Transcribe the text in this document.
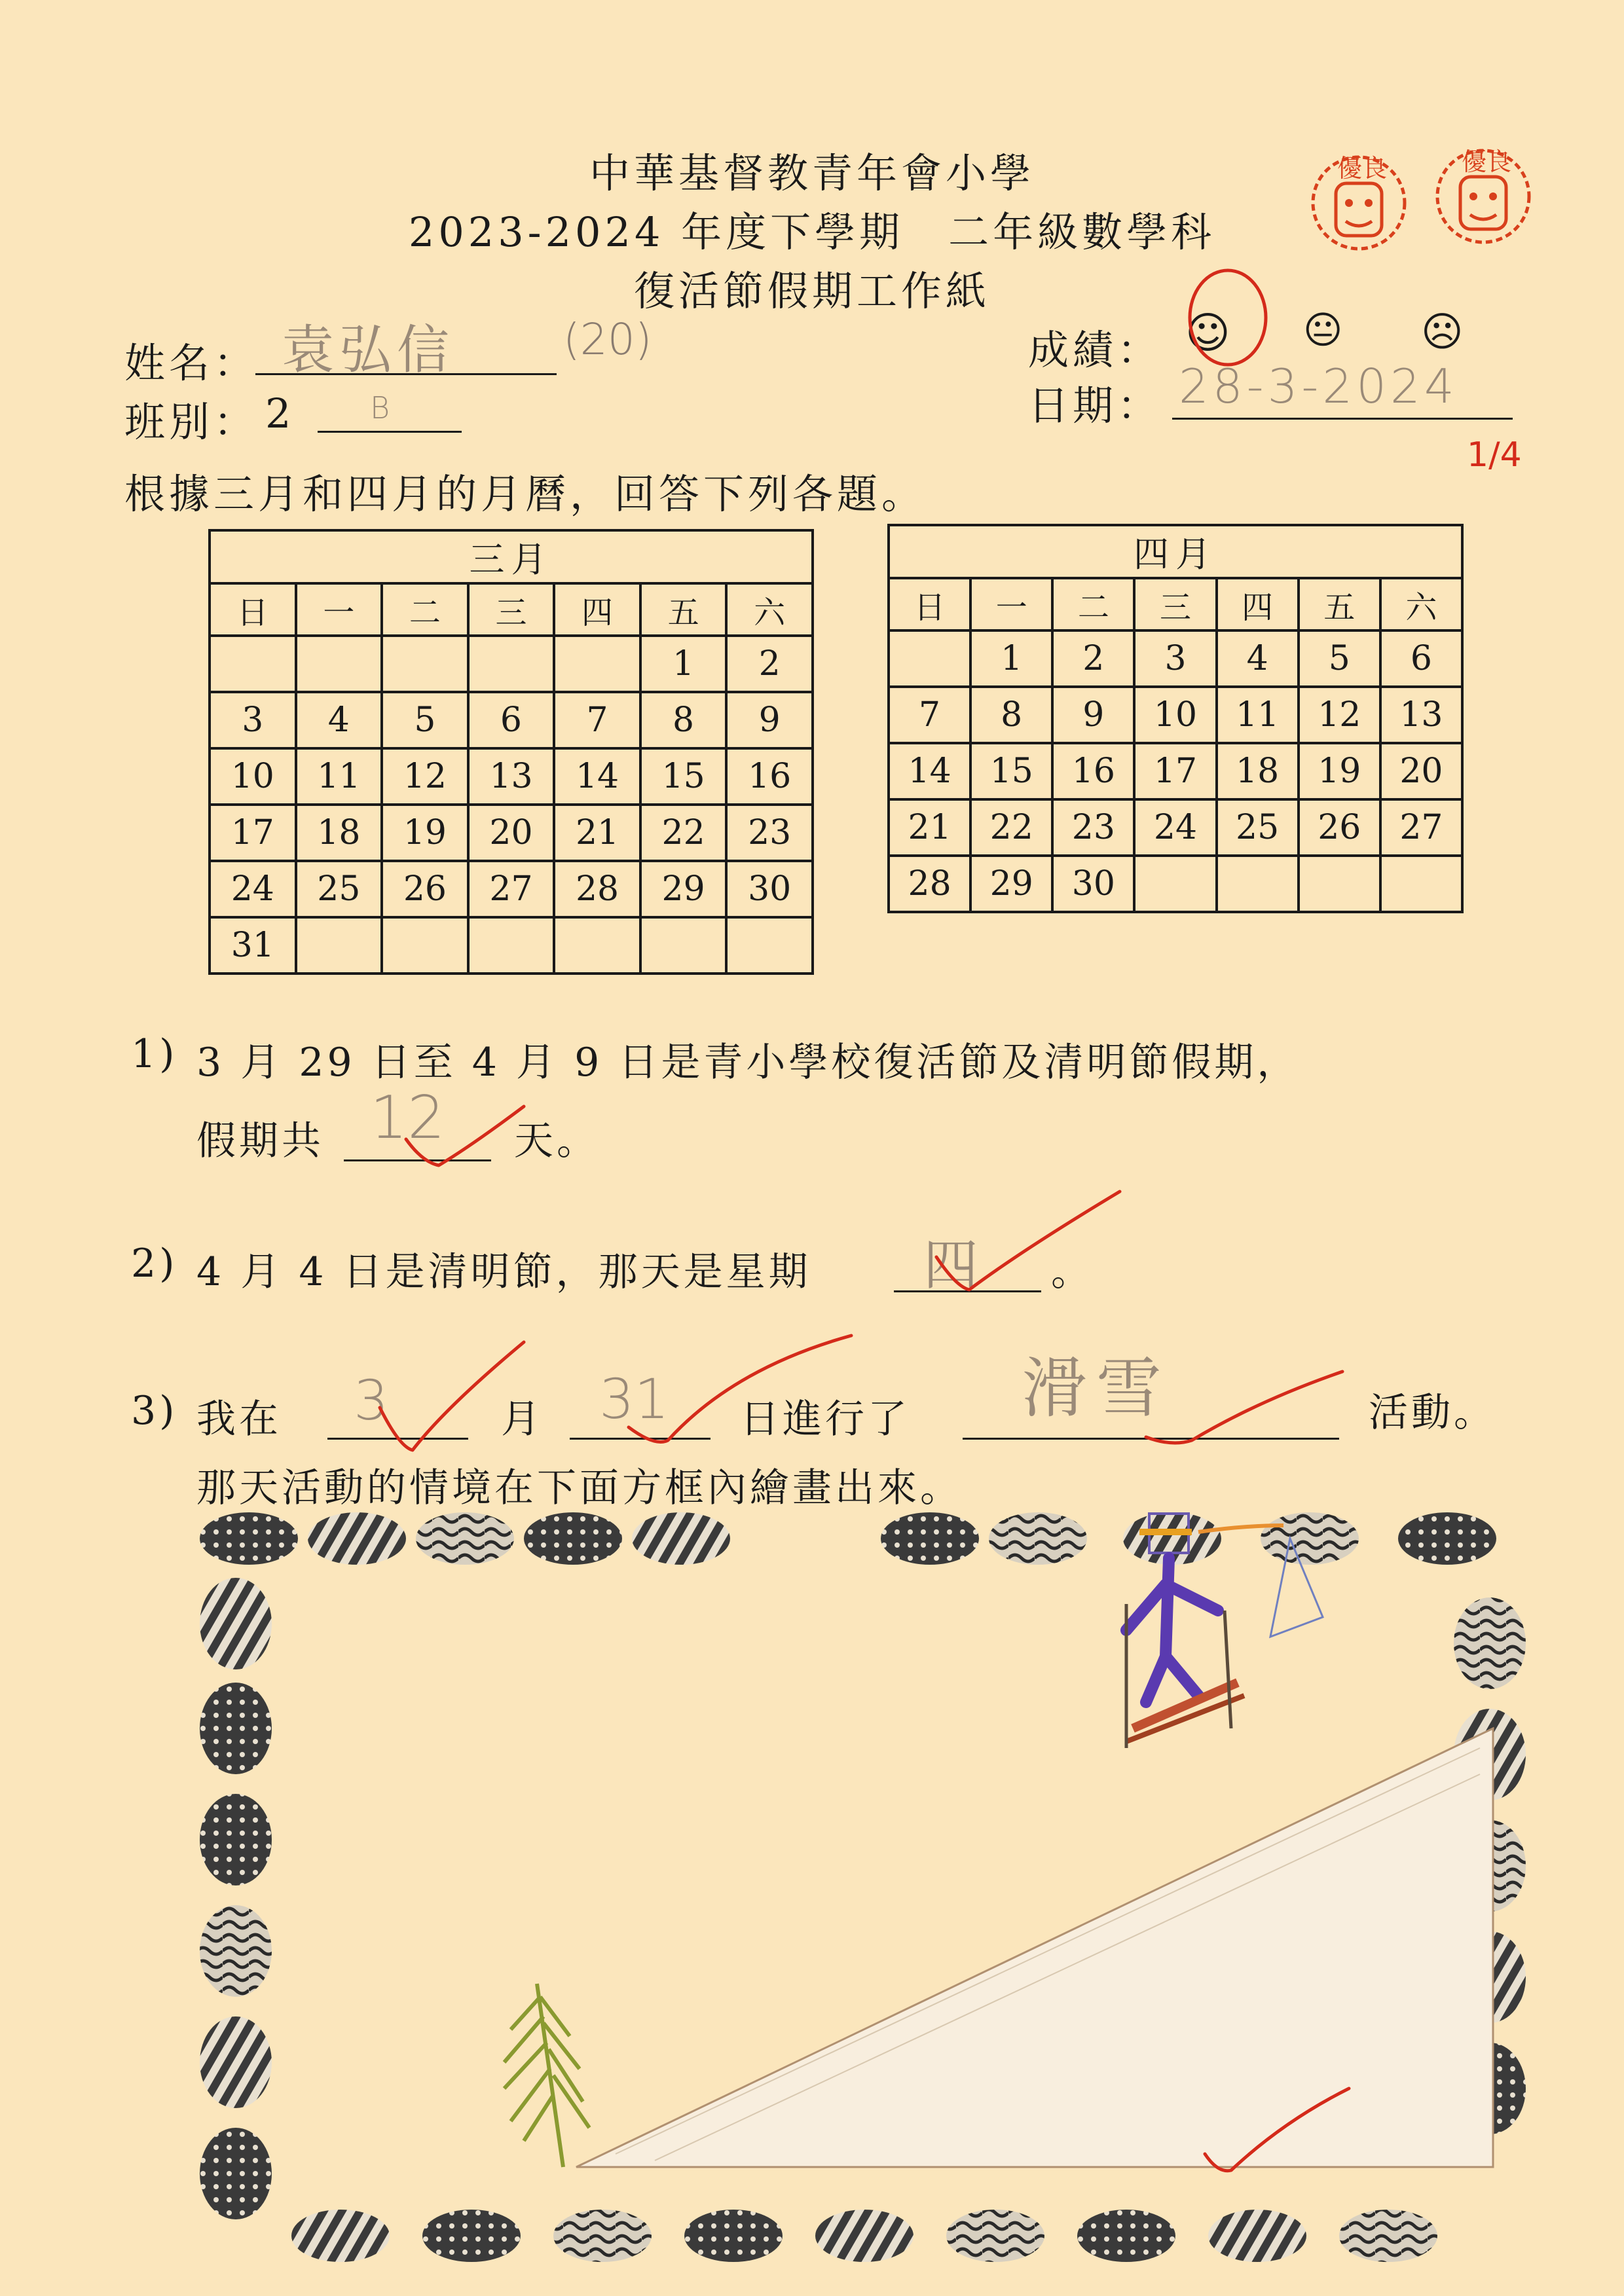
中華基督教青年會小學
2023-2024 年度下學期　二年級數學科
復活節假期工作紙
優良	優良
姓名： 袁弘信	(20)
班別： 2 B
成績： ☺ 😐 ☹
日期： 28-3-2024
1/4
根據三月和四月的月曆，回答下列各題。
三月						
日	一	二	三	四	五	六
					1	2
3	4	5	6	7	8	9
10	11	12	13	14	15	16
17	18	19	20	21	22	23
24	25	26	27	28	29	30
31						
四月						
日	一	二	三	四	五	六
	1	2	3	4	5	6
7	8	9	10	11	12	13
14	15	16	17	18	19	20
21	22	23	24	25	26	27
28	29	30				
1) 3 月 29 日至 4 月 9 日是青小學校復活節及清明節假期，
假期共 12 天。
2) 4 月 4 日是清明節，那天是星期 四 。
3) 我在 3	月 31 日進行了 滑雪	活動。
那天活動的情境在下面方框內繪畫出來。
